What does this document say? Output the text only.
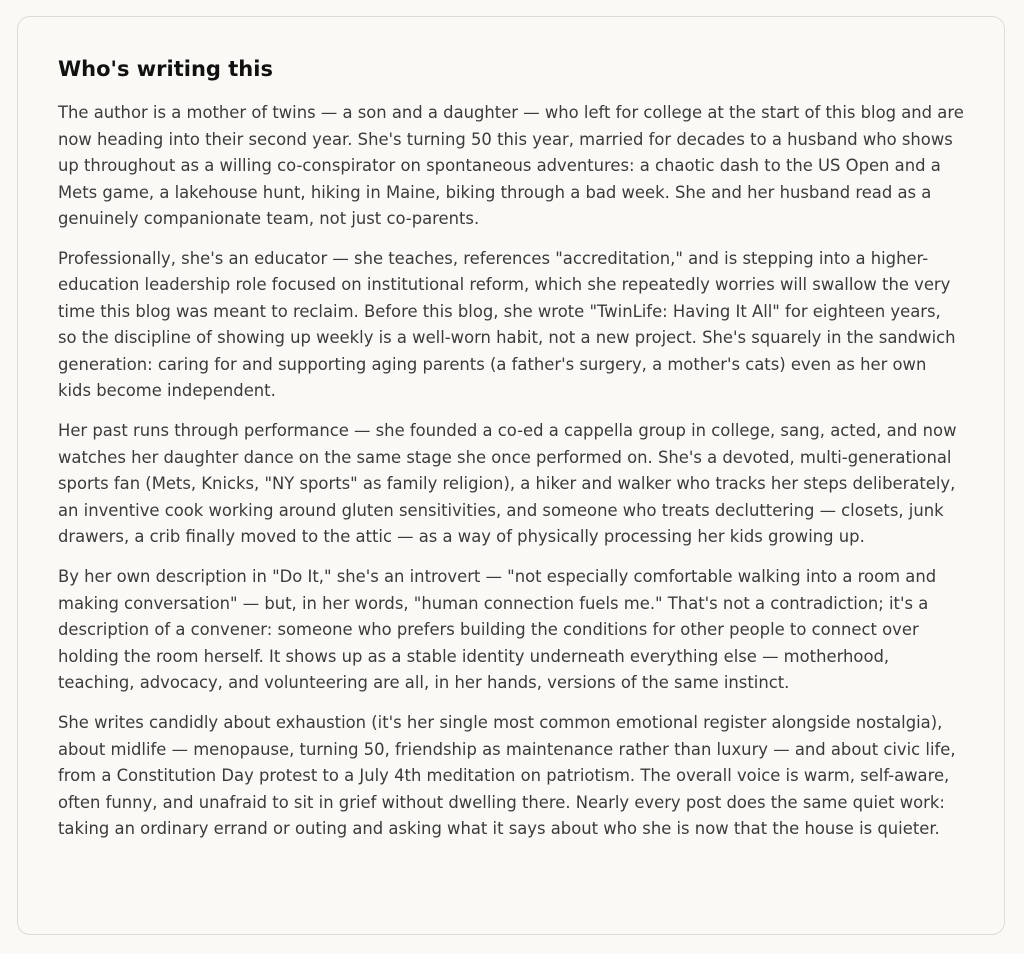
Who's writing this

The author is a mother of twins — a son and a daughter — who left for college at the start of this blog and are now heading into their second year. She's turning 50 this year, married for decades to a husband who shows up throughout as a willing co-conspirator on spontaneous adventures: a chaotic dash to the US Open and a Mets game, a lakehouse hunt, hiking in Maine, biking through a bad week. She and her husband read as a genuinely companionate team, not just co-parents.

Professionally, she's an educator — she teaches, references "accreditation," and is stepping into a higher-education leadership role focused on institutional reform, which she repeatedly worries will swallow the very time this blog was meant to reclaim. Before this blog, she wrote "TwinLife: Having It All" for eighteen years, so the discipline of showing up weekly is a well-worn habit, not a new project. She's squarely in the sandwich generation: caring for and supporting aging parents (a father's surgery, a mother's cats) even as her own kids become independent.

Her past runs through performance — she founded a co-ed a cappella group in college, sang, acted, and now watches her daughter dance on the same stage she once performed on. She's a devoted, multi-generational sports fan (Mets, Knicks, "NY sports" as family religion), a hiker and walker who tracks her steps deliberately, an inventive cook working around gluten sensitivities, and someone who treats decluttering — closets, junk drawers, a crib finally moved to the attic — as a way of physically processing her kids growing up.

By her own description in "Do It," she's an introvert — "not especially comfortable walking into a room and making conversation" — but, in her words, "human connection fuels me." That's not a contradiction; it's a description of a convener: someone who prefers building the conditions for other people to connect over holding the room herself. It shows up as a stable identity underneath everything else — motherhood, teaching, advocacy, and volunteering are all, in her hands, versions of the same instinct.

She writes candidly about exhaustion (it's her single most common emotional register alongside nostalgia), about midlife — menopause, turning 50, friendship as maintenance rather than luxury — and about civic life, from a Constitution Day protest to a July 4th meditation on patriotism. The overall voice is warm, self-aware, often funny, and unafraid to sit in grief without dwelling there. Nearly every post does the same quiet work: taking an ordinary errand or outing and asking what it says about who she is now that the house is quieter.
